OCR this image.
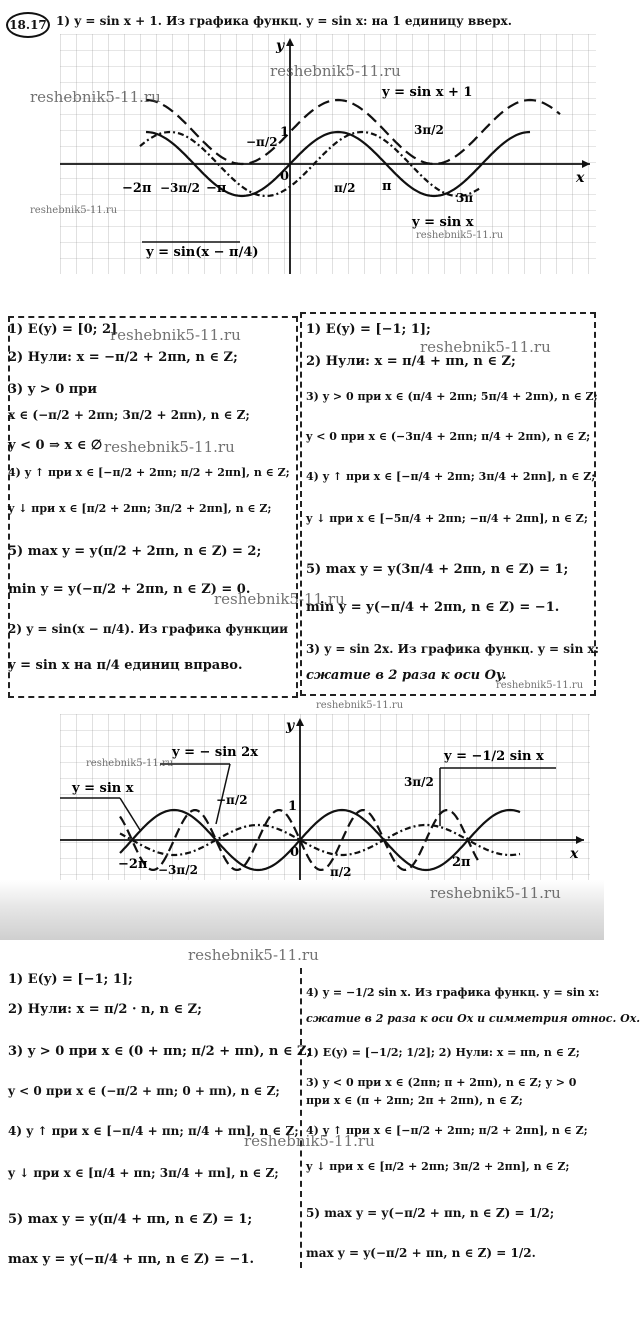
18.17 1) y = sin x + 1. Из графика функц. y = sin x: на 1 единицу вверх.
y
x
1
0
−2π −3π/2 −π
−π/2
π/2 π
3π/2
3π
y = sin x + 1
y = sin x
y = sin(x − π/4)
reshebnik5-11.ru
reshebnik5-11.ru
reshebnik5-11.ru
reshebnik5-11.ru
1) E(y) = [0; 2]
2) Нули: x = −π/2 + 2πn, n ∈ Z;
3) y > 0 при
x ∈ (−π/2 + 2πn; 3π/2 + 2πn), n ∈ Z;
y < 0 ⇒ x ∈ ∅
4) y ↑ при x ∈ [−π/2 + 2πn; π/2 + 2πn], n ∈ Z;
y ↓ при x ∈ [π/2 + 2πn; 3π/2 + 2πn], n ∈ Z;
5) max y = y(π/2 + 2πn, n ∈ Z) = 2;
min y = y(−π/2 + 2πn, n ∈ Z) = 0.
2) y = sin(x − π/4). Из графика функции
y = sin x на π/4 единиц вправо.
1) E(y) = [−1; 1];
2) Нули: x = π/4 + πn, n ∈ Z;
3) y > 0 при x ∈ (π/4 + 2πn; 5π/4 + 2πn), n ∈ Z;
y < 0 при x ∈ (−3π/4 + 2πn; π/4 + 2πn), n ∈ Z;
4) y ↑ при x ∈ [−π/4 + 2πn; 3π/4 + 2πn], n ∈ Z;
y ↓ при x ∈ [−5π/4 + 2πn; −π/4 + 2πn], n ∈ Z;
5) max y = y(3π/4 + 2πn, n ∈ Z) = 1;
min y = y(−π/4 + 2πn, n ∈ Z) = −1.
3) y = sin 2x. Из графика функц. y = sin x:
сжатие в 2 раза к оси Oy.
reshebnik5-11.ru
reshebnik5-11.ru
reshebnik5-11.ru
reshebnik5-11.ru
reshebnik5-11.ru
reshebnik5-11.ru
y
x
1
0
−2π −3π/2
−π/2
π/2
3π/2
2π
y = − sin 2x
y = sin x
y = −1/2 sin x
reshebnik5-11.ru
reshebnik5-11.ru
reshebnik5-11.ru
1) E(y) = [−1; 1];
2) Нули: x = π/2 · n, n ∈ Z;
3) y > 0 при x ∈ (0 + πn; π/2 + πn), n ∈ Z;
y < 0 при x ∈ (−π/2 + πn; 0 + πn), n ∈ Z;
4) y ↑ при x ∈ [−π/4 + πn; π/4 + πn], n ∈ Z;
y ↓ при x ∈ [π/4 + πn; 3π/4 + πn], n ∈ Z;
5) max y = y(π/4 + πn, n ∈ Z) = 1;
max y = y(−π/4 + πn, n ∈ Z) = −1.
4) y = −1/2 sin x. Из графика функц. y = sin x:
сжатие в 2 раза к оси Ox и симметрия относ. Ox.
1) E(y) = [−1/2; 1/2]; 2) Нули: x = πn, n ∈ Z;
3) y < 0 при x ∈ (2πn; π + 2πn), n ∈ Z; y > 0
при x ∈ (π + 2πn; 2π + 2πn), n ∈ Z;
4) y ↑ при x ∈ [−π/2 + 2πn; π/2 + 2πn], n ∈ Z;
y ↓ при x ∈ [π/2 + 2πn; 3π/2 + 2πn], n ∈ Z;
5) max y = y(−π/2 + πn, n ∈ Z) = 1/2;
max y = y(−π/2 + πn, n ∈ Z) = 1/2.
reshebnik5-11.ru
